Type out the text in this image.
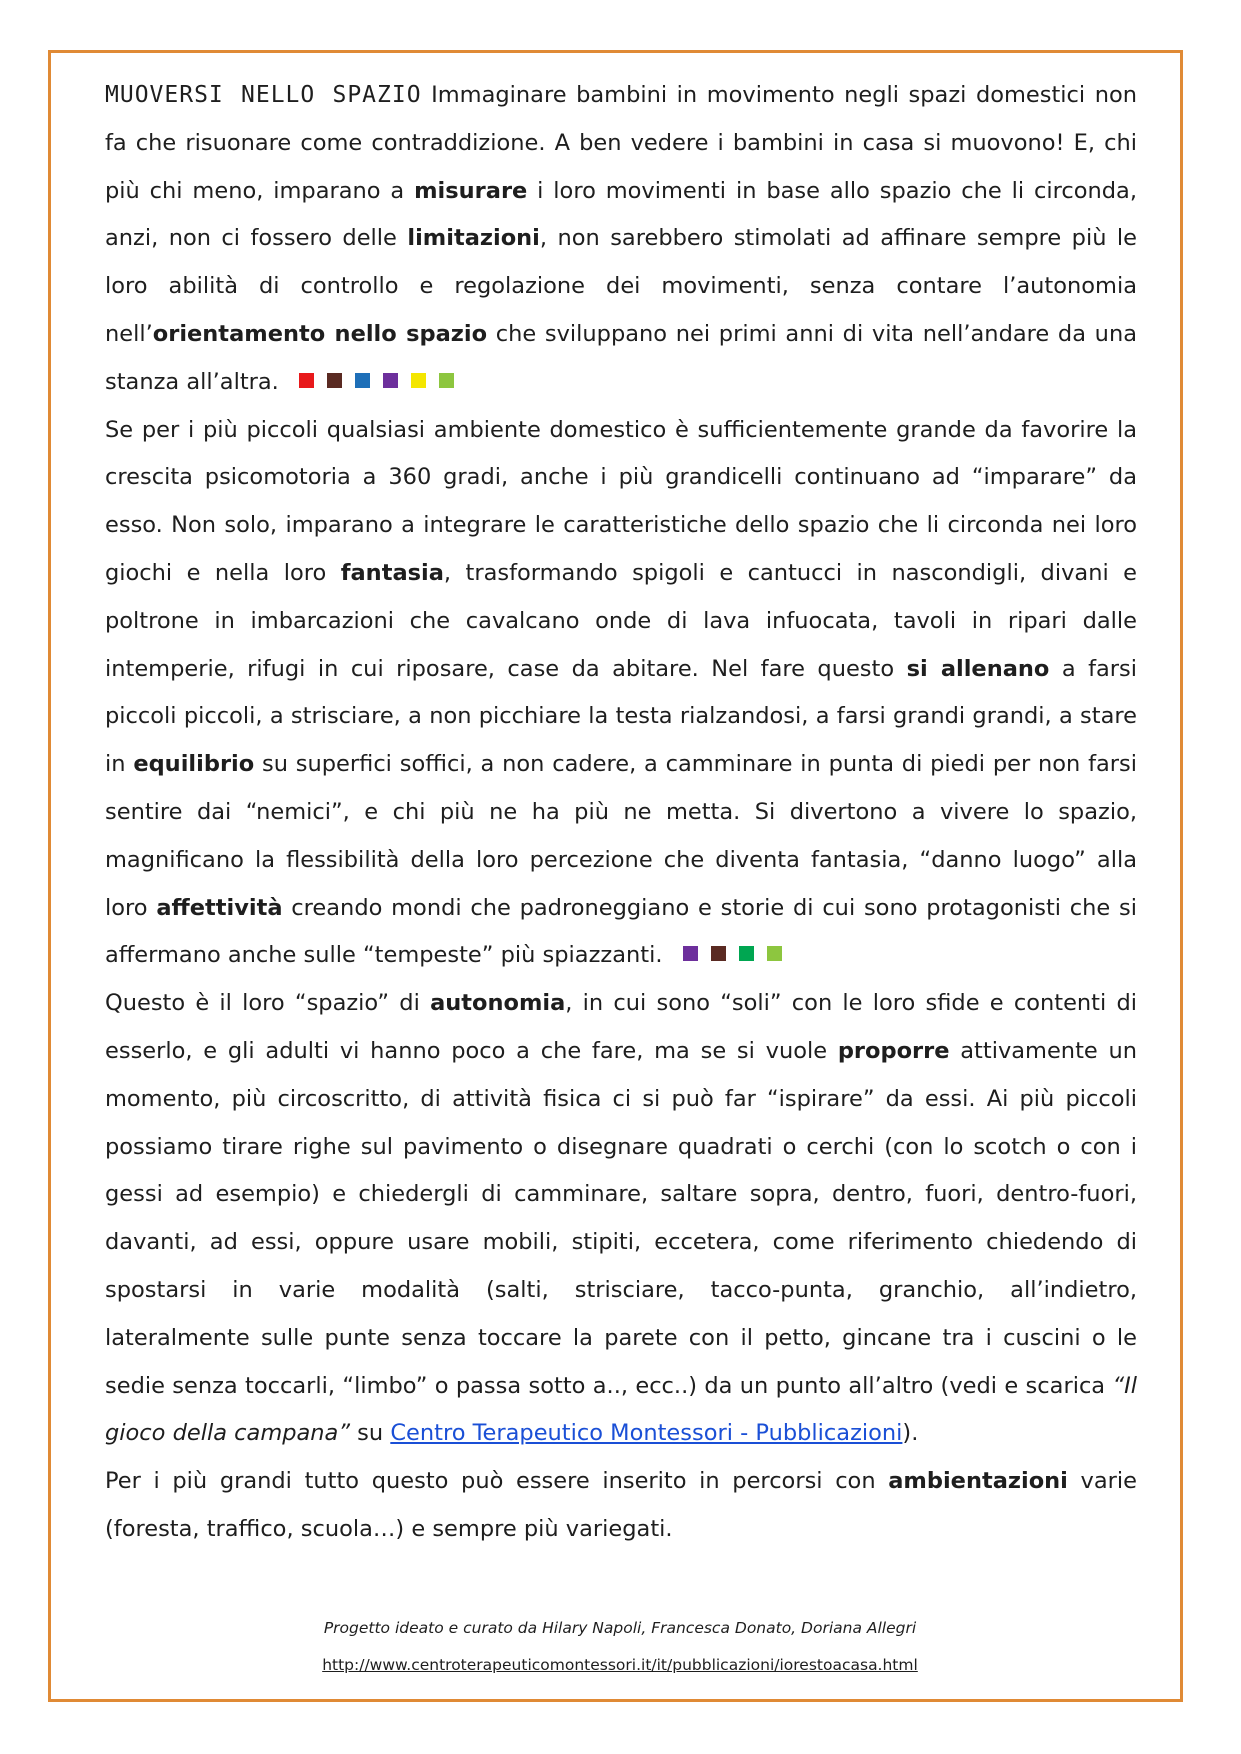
MUOVERSI NELLO SPAZIO Immaginare bambini in movimento negli spazi domestici non fa che risuonare come contraddizione. A ben vedere i bambini in casa si muovono! E, chi più chi meno, imparano a misurare i loro movimenti in base allo spazio che li circonda, anzi, non ci fossero delle limitazioni, non sarebbero stimolati ad affinare sempre più le loro abilità di controllo e regolazione dei movimenti, senza contare l’autonomia nell’orientamento nello spazio che sviluppano nei primi anni di vita nell’andare da una stanza all’altra.

Se per i più piccoli qualsiasi ambiente domestico è sufficientemente grande da favorire la crescita psicomotoria a 360 gradi, anche i più grandicelli continuano ad “imparare” da esso. Non solo, imparano a integrare le caratteristiche dello spazio che li circonda nei loro giochi e nella loro fantasia, trasformando spigoli e cantucci in nascondigli, divani e poltrone in imbarcazioni che cavalcano onde di lava infuocata, tavoli in ripari dalle intemperie, rifugi in cui riposare, case da abitare. Nel fare questo si allenano a farsi piccoli piccoli, a strisciare, a non picchiare la testa rialzandosi, a farsi grandi grandi, a stare in equilibrio su superfici soffici, a non cadere, a camminare in punta di piedi per non farsi sentire dai “nemici”, e chi più ne ha più ne metta. Si divertono a vivere lo spazio, magnificano la flessibilità della loro percezione che diventa fantasia, “danno luogo” alla loro affettività creando mondi che padroneggiano e storie di cui sono protagonisti che si affermano anche sulle “tempeste” più spiazzanti.

Questo è il loro “spazio” di autonomia, in cui sono “soli” con le loro sfide e contenti di esserlo, e gli adulti vi hanno poco a che fare, ma se si vuole proporre attivamente un momento, più circoscritto, di attività fisica ci si può far “ispirare” da essi. Ai più piccoli possiamo tirare righe sul pavimento o disegnare quadrati o cerchi (con lo scotch o con i gessi ad esempio) e chiedergli di camminare, saltare sopra, dentro, fuori, dentro-fuori, davanti, ad essi, oppure usare mobili, stipiti, eccetera, come riferimento chiedendo di spostarsi in varie modalità (salti, strisciare, tacco-punta, granchio, all’indietro, lateralmente sulle punte senza toccare la parete con il petto, gincane tra i cuscini o le sedie senza toccarli, “limbo” o passa sotto a.., ecc..) da un punto all’altro (vedi e scarica “Il gioco della campana” su Centro Terapeutico Montessori - Pubblicazioni).

Per i più grandi tutto questo può essere inserito in percorsi con ambientazioni varie (foresta, traffico, scuola…) e sempre più variegati.

Progetto ideato e curato da Hilary Napoli, Francesca Donato, Doriana Allegri
http://www.centroterapeuticomontessori.it/it/pubblicazioni/iorestoacasa.html
